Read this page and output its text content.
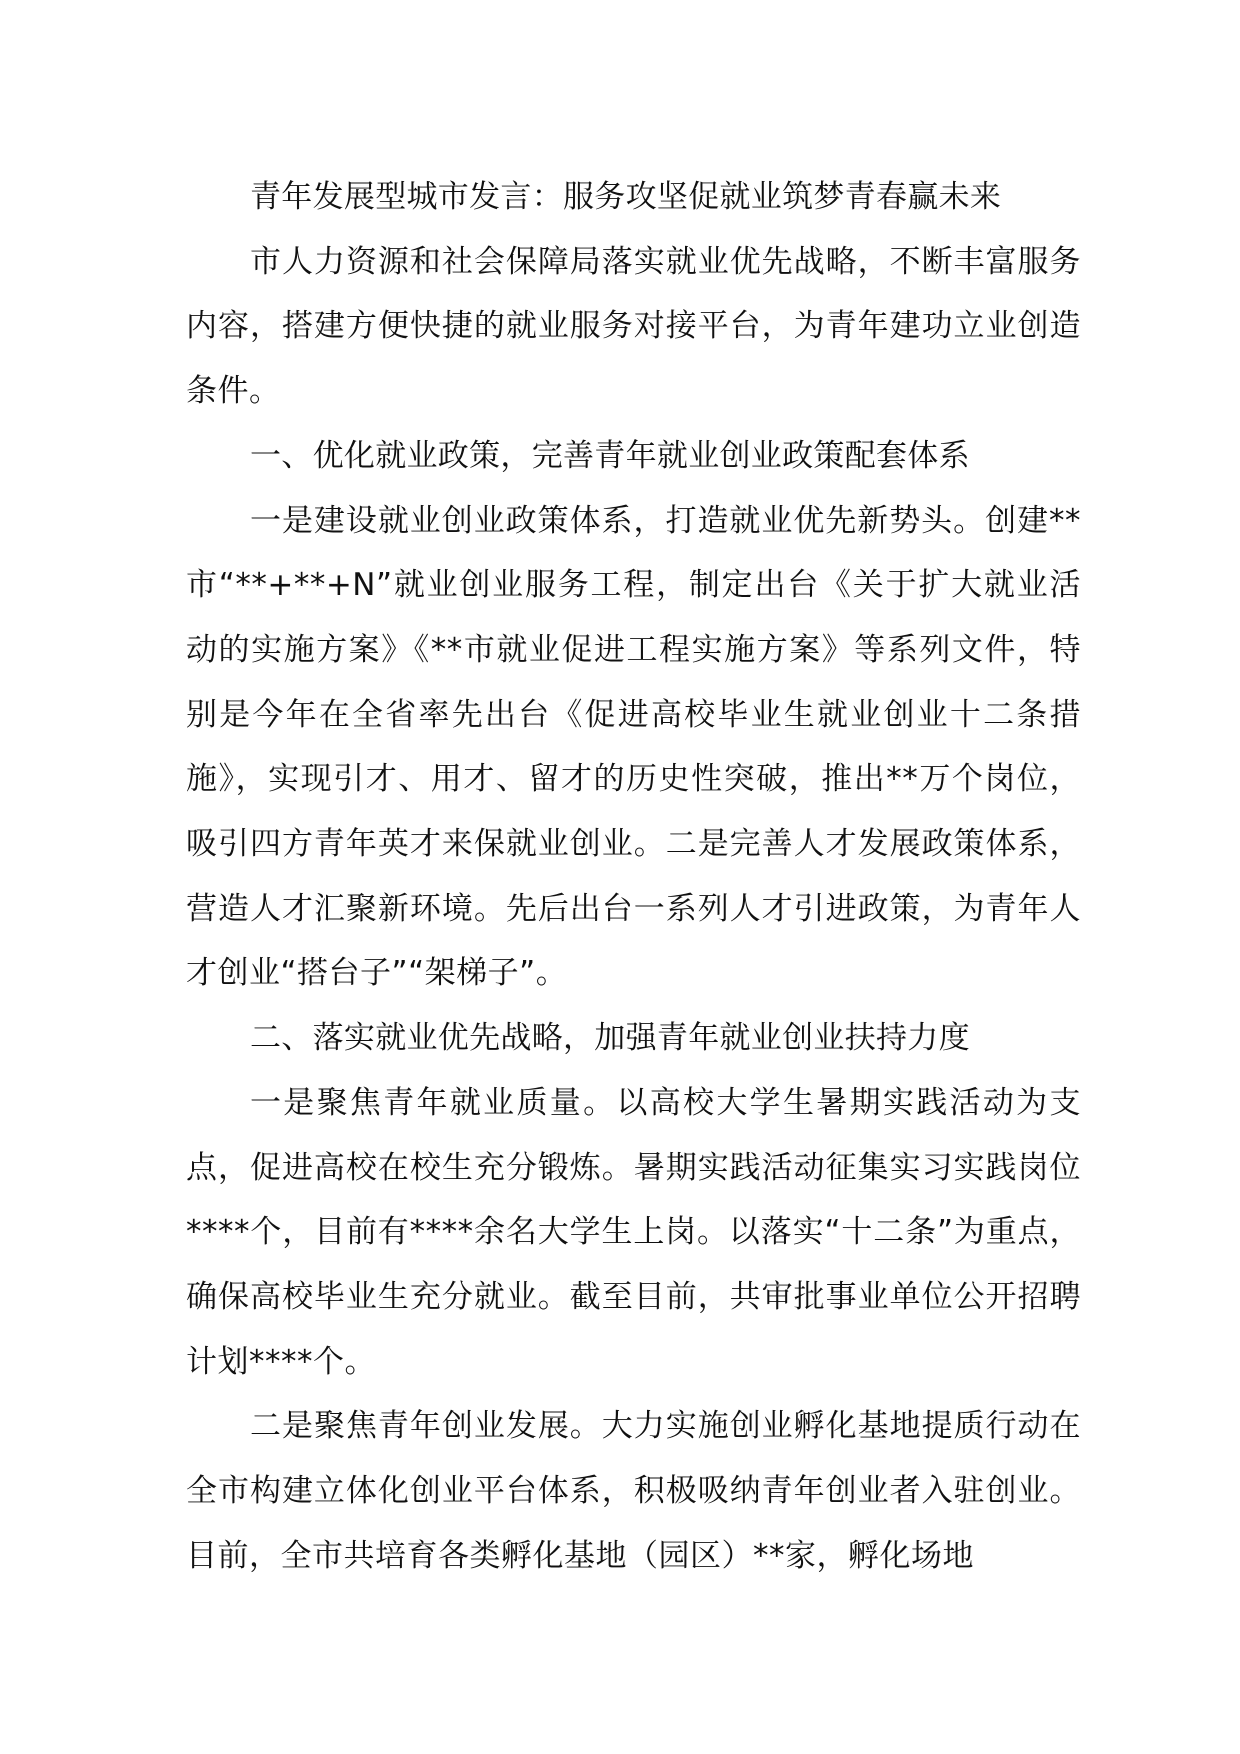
青年发展型城市发言：服务攻坚促就业筑梦青春赢未来

市人力资源和社会保障局落实就业优先战略，不断丰富服务内容，搭建方便快捷的就业服务对接平台，为青年建功立业创造条件。

一、优化就业政策，完善青年就业创业政策配套体系

一是建设就业创业政策体系，打造就业优先新势头。创建**市“**+**+N”就业创业服务工程，制定出台《关于扩大就业活动的实施方案》《**市就业促进工程实施方案》等系列文件，特别是今年在全省率先出台《促进高校毕业生就业创业十二条措施》，实现引才、用才、留才的历史性突破，推出**万个岗位，吸引四方青年英才来保就业创业。二是完善人才发展政策体系，营造人才汇聚新环境。先后出台一系列人才引进政策，为青年人才创业“搭台子”“架梯子”。

二、落实就业优先战略，加强青年就业创业扶持力度

一是聚焦青年就业质量。以高校大学生暑期实践活动为支点，促进高校在校生充分锻炼。暑期实践活动征集实习实践岗位****个，目前有****余名大学生上岗。以落实“十二条”为重点，确保高校毕业生充分就业。截至目前，共审批事业单位公开招聘计划****个。

二是聚焦青年创业发展。大力实施创业孵化基地提质行动在全市构建立体化创业平台体系，积极吸纳青年创业者入驻创业。目前，全市共培育各类孵化基地（园区）**家，孵化场地
